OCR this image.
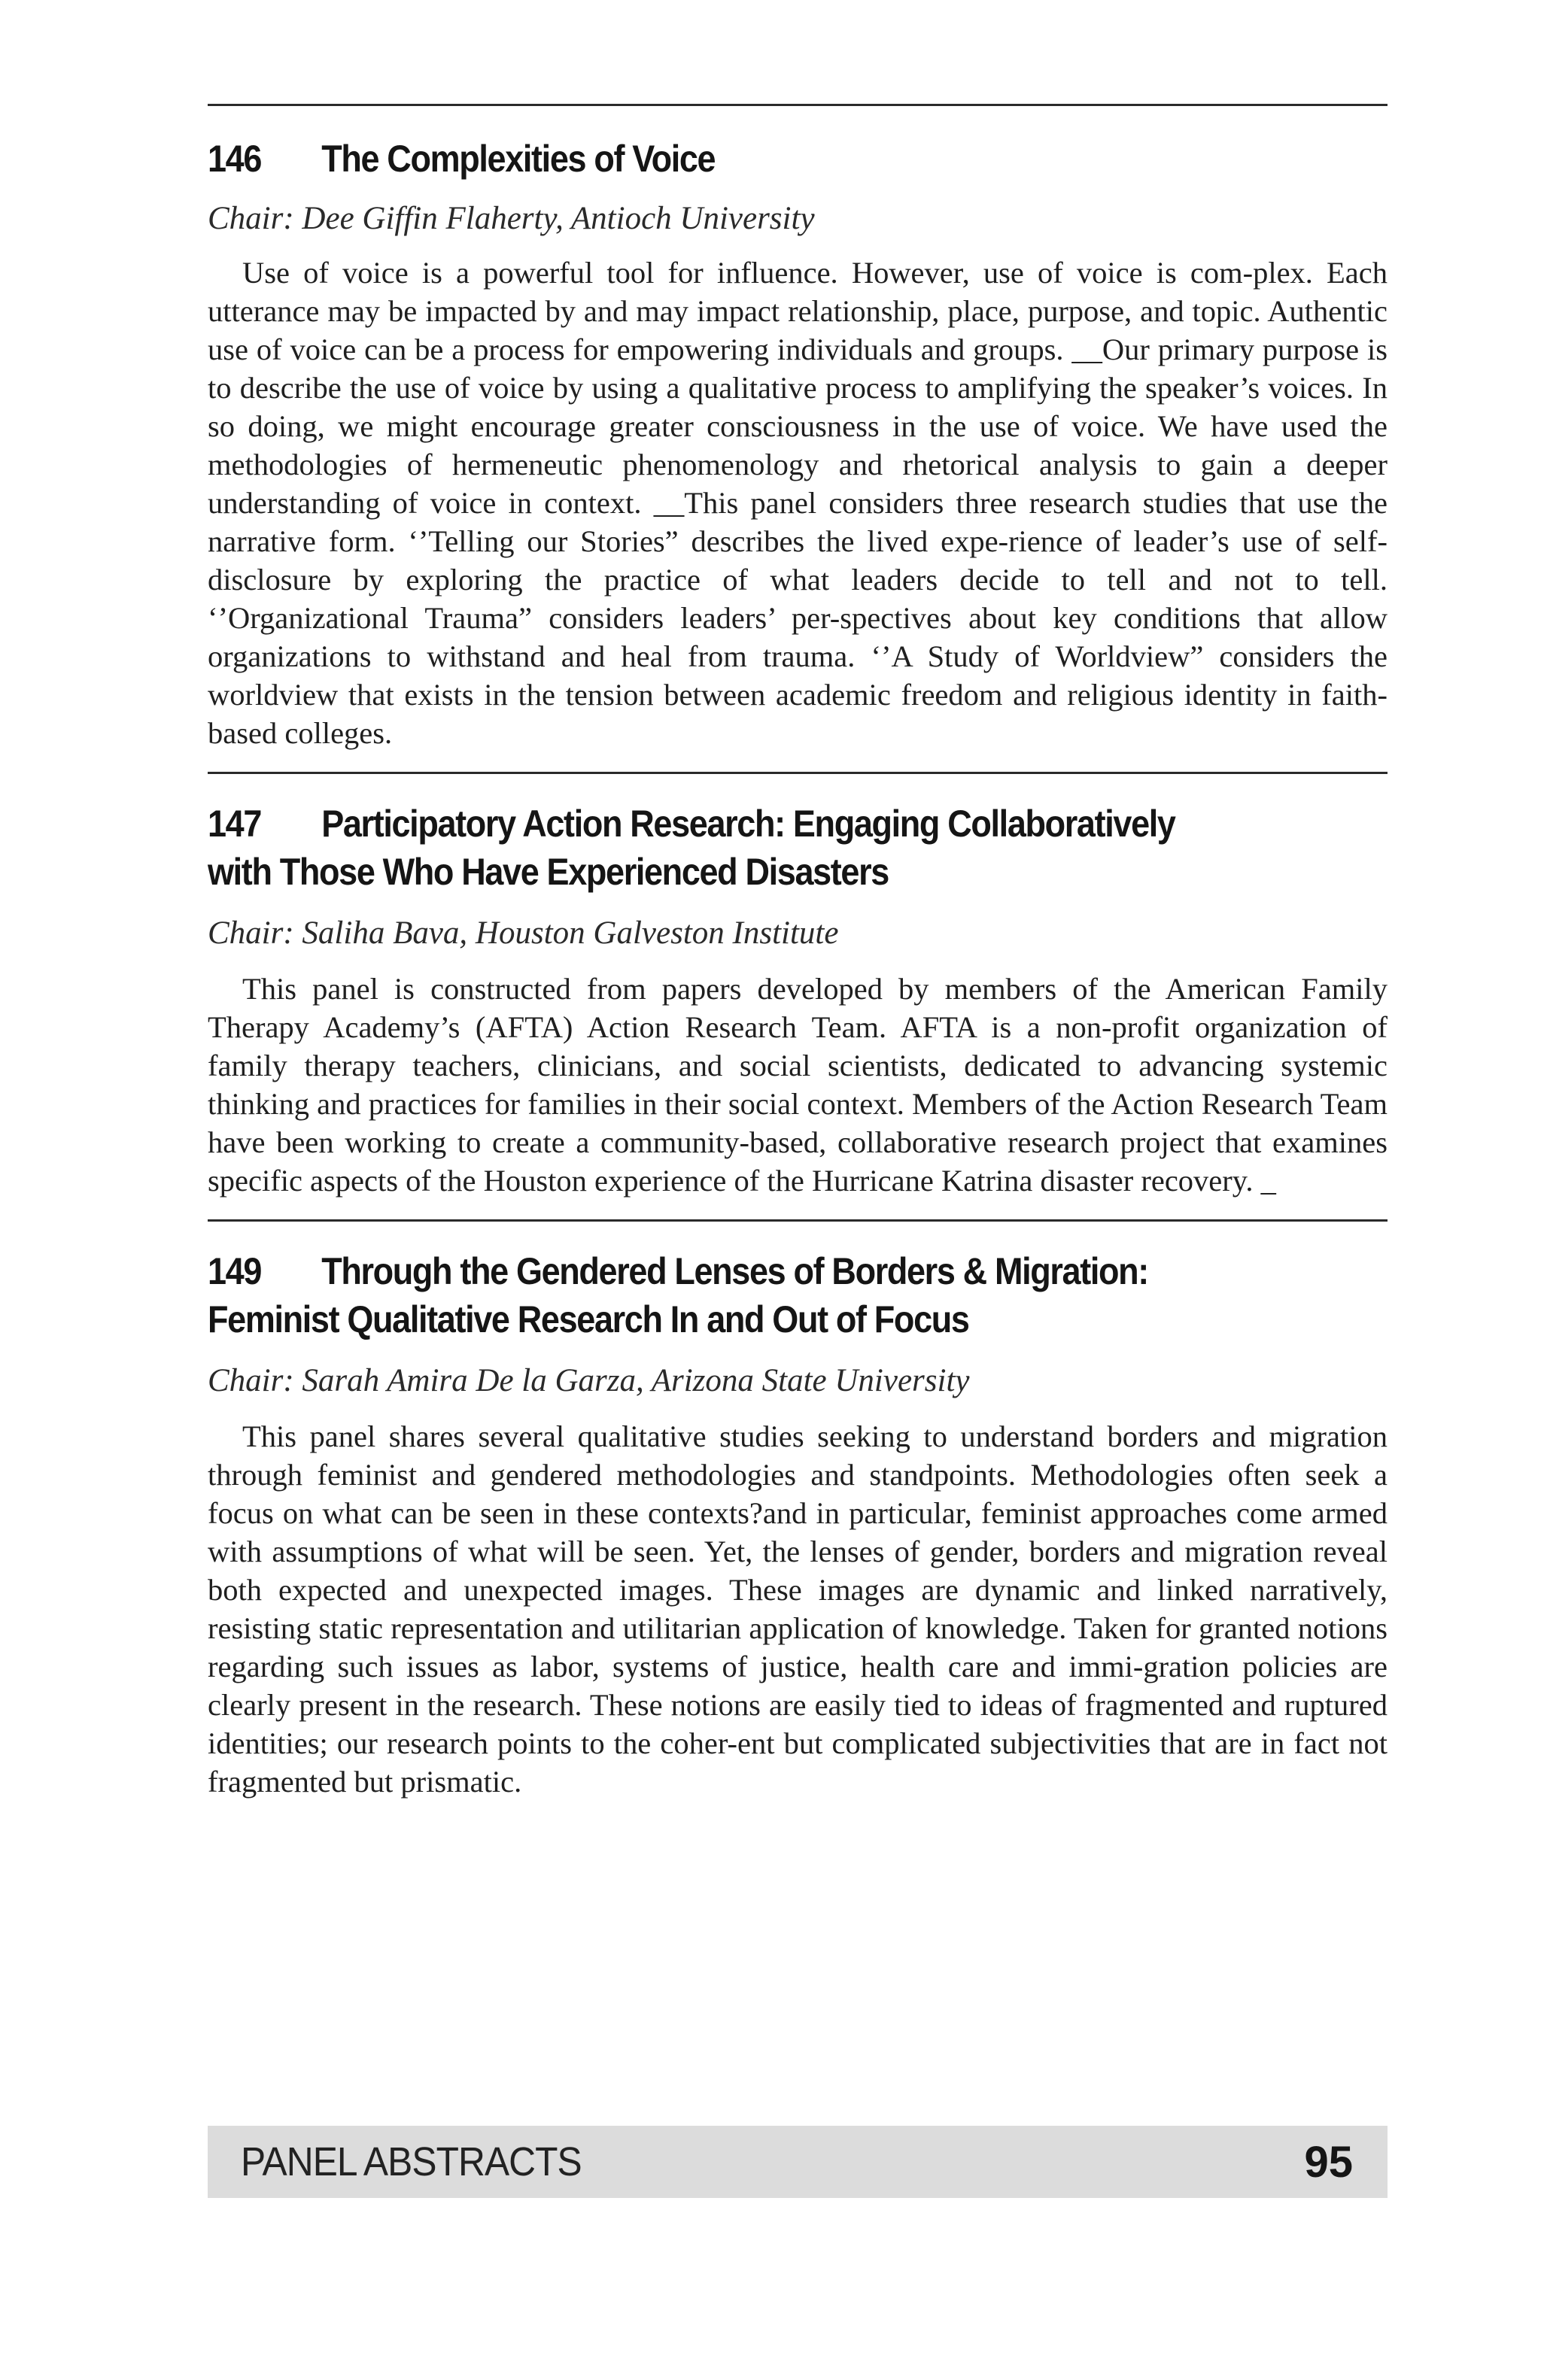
146 The Complexities of Voice

Chair: Dee Giffin Flaherty, Antioch University

Use of voice is a powerful tool for influence. However, use of voice is com-plex. Each utterance may be impacted by and may impact relationship, place, purpose, and topic. Authentic use of voice can be a process for empowering individuals and groups. __Our primary purpose is to describe the use of voice by using a qualitative process to amplifying the speaker’s voices. In so doing, we might encourage greater consciousness in the use of voice. We have used the methodologies of hermeneutic phenomenology and rhetorical analysis to gain a deeper understanding of voice in context. __This panel considers three research studies that use the narrative form. ‘’Telling our Stories” describes the lived expe-rience of leader’s use of self-disclosure by exploring the practice of what leaders decide to tell and not to tell. ‘’Organizational Trauma” considers leaders’ per-spectives about key conditions that allow organizations to withstand and heal from trauma. ‘’A Study of Worldview” considers the worldview that exists in the tension between academic freedom and religious identity in faith-based colleges.

147 Participatory Action Research: Engaging Collaboratively
with Those Who Have Experienced Disasters

Chair: Saliha Bava, Houston Galveston Institute

This panel is constructed from papers developed by members of the American Family Therapy Academy’s (AFTA) Action Research Team. AFTA is a non-profit organization of family therapy teachers, clinicians, and social scientists, dedicated to advancing systemic thinking and practices for families in their social context. Members of the Action Research Team have been working to create a community-based, collaborative research project that examines specific aspects of the Houston experience of the Hurricane Katrina disaster recovery. _

149 Through the Gendered Lenses of Borders & Migration:
Feminist Qualitative Research In and Out of Focus

Chair: Sarah Amira De la Garza, Arizona State University

This panel shares several qualitative studies seeking to understand borders and migration through feminist and gendered methodologies and standpoints. Methodologies often seek a focus on what can be seen in these contexts?and in particular, feminist approaches come armed with assumptions of what will be seen. Yet, the lenses of gender, borders and migration reveal both expected and unexpected images. These images are dynamic and linked narratively, resisting static representation and utilitarian application of knowledge. Taken for granted notions regarding such issues as labor, systems of justice, health care and immi-gration policies are clearly present in the research. These notions are easily tied to ideas of fragmented and ruptured identities; our research points to the coher-ent but complicated subjectivities that are in fact not fragmented but prismatic.

PANEL ABSTRACTS	95
